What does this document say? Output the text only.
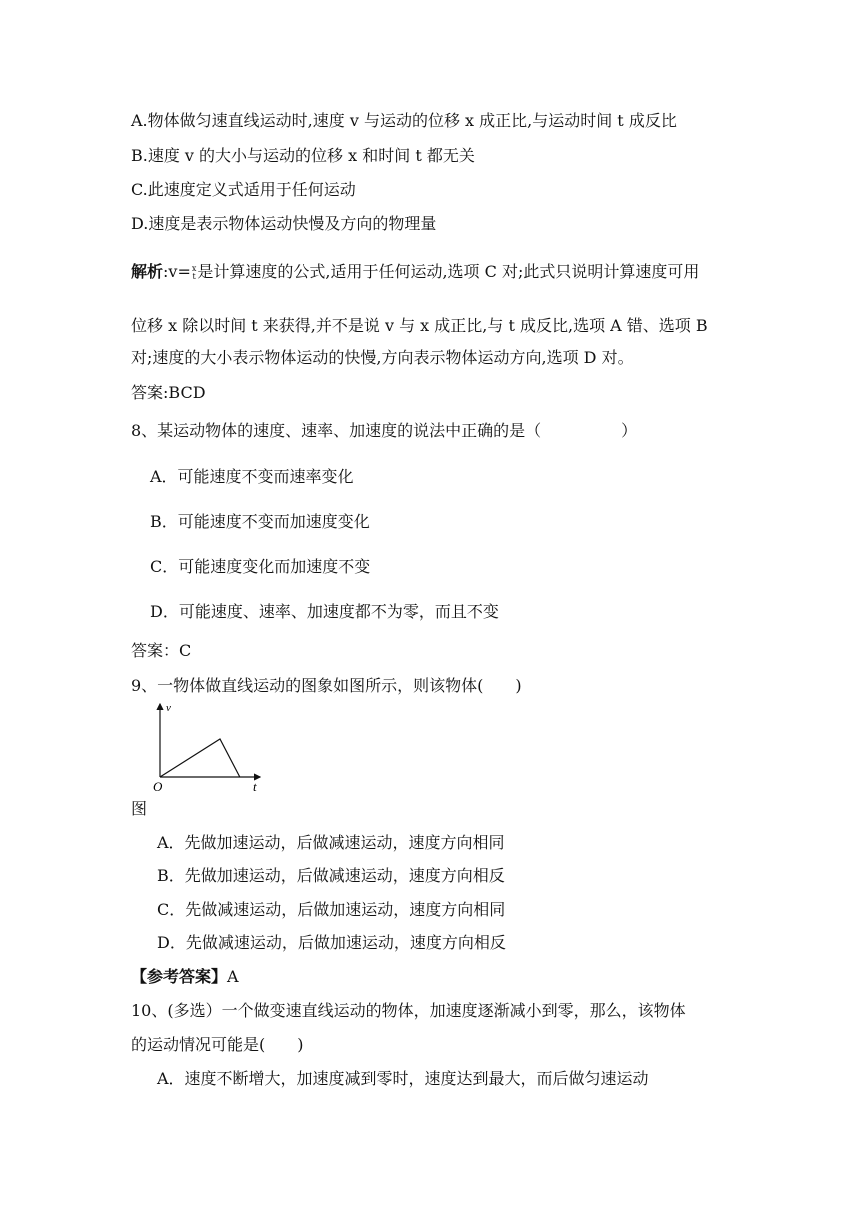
A.物体做匀速直线运动时,速度 v 与运动的位移 x 成正比,与运动时间 t 成反比
B.速度 v 的大小与运动的位移 x 和时间 t 都无关
C.此速度定义式适用于任何运动
D.速度是表示物体运动快慢及方向的物理量
解析:v= x
t 是计算速度的公式,适用于任何运动,选项 C 对;此式只说明计算速度可用
位移 x 除以时间 t 来获得,并不是说 v 与 x 成正比,与 t 成反比,选项 A 错、选项 B
对;速度的大小表示物体运动的快慢,方向表示物体运动方向,选项 D 对。
答案:BCD
8、某运动物体的速度、速率、加速度的说法中正确的是（　　　　　）
A．可能速度不变而速率变化
B．可能速度不变而加速度变化
C．可能速度变化而加速度不变
D．可能速度、速率、加速度都不为零，而且不变
答案：C
9、一物体做直线运动的图象如图所示，则该物体(　　)
v
t
O
图
A．先做加速运动，后做减速运动，速度方向相同
B．先做加速运动，后做减速运动，速度方向相反
C．先做减速运动，后做加速运动，速度方向相同
D．先做减速运动，后做加速运动，速度方向相反
【参考答案】A
10、(多选）一个做变速直线运动的物体，加速度逐渐减小到零，那么，该物体
的运动情况可能是(　　)
A．速度不断增大，加速度减到零时，速度达到最大，而后做匀速运动
